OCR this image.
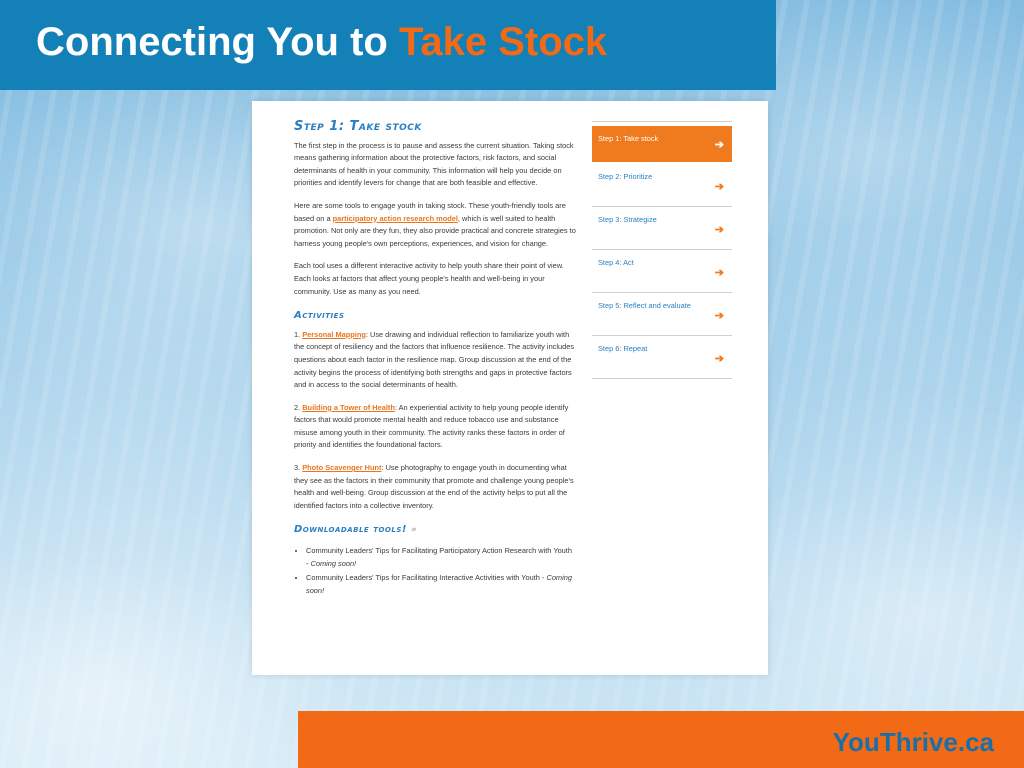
Connecting You to Take Stock
Step 1: Take stock

The first step in the process is to pause and assess the current situation. Taking stock means gathering information about the protective factors, risk factors, and social determinants of health in your community. This information will help you decide on priorities and identify levers for change that are both feasible and effective.

Here are some tools to engage youth in taking stock. These youth-friendly tools are based on a participatory action research model, which is well suited to health promotion. Not only are they fun, they also provide practical and concrete strategies to harness young people's own perceptions, experiences, and vision for change.

Each tool uses a different interactive activity to help youth share their point of view. Each looks at factors that affect young people's health and well-being in your community. Use as many as you need.

Activities

1. Personal Mapping: Use drawing and individual reflection to familiarize youth with the concept of resiliency and the factors that influence resilience. The activity includes questions about each factor in the resilience map. Group discussion at the end of the activity begins the process of identifying both strengths and gaps in protective factors and in access to the social determinants of health.

2. Building a Tower of Health: An experiential activity to help young people identify factors that would promote mental health and reduce tobacco use and substance misuse among youth in their community. The activity ranks these factors in order of priority and identifies the foundational factors.

3. Photo Scavenger Hunt: Use photography to engage youth in documenting what they see as the factors in their community that promote and challenge young people's health and well-being. Group discussion at the end of the activity helps to put all the identified factors into a collective inventory.

Downloadable tools! »
• Community Leaders' Tips for Facilitating Participatory Action Research with Youth - Coming soon!
• Community Leaders' Tips for Facilitating Interactive Activities with Youth - Coming soon!
Step 1: Take stock
➔
Step 2: Prioritize
➔
Step 3: Strategize
➔
Step 4: Act
➔
Step 5: Reflect and evaluate
➔
Step 6: Repeat
➔
YouThrive.ca
